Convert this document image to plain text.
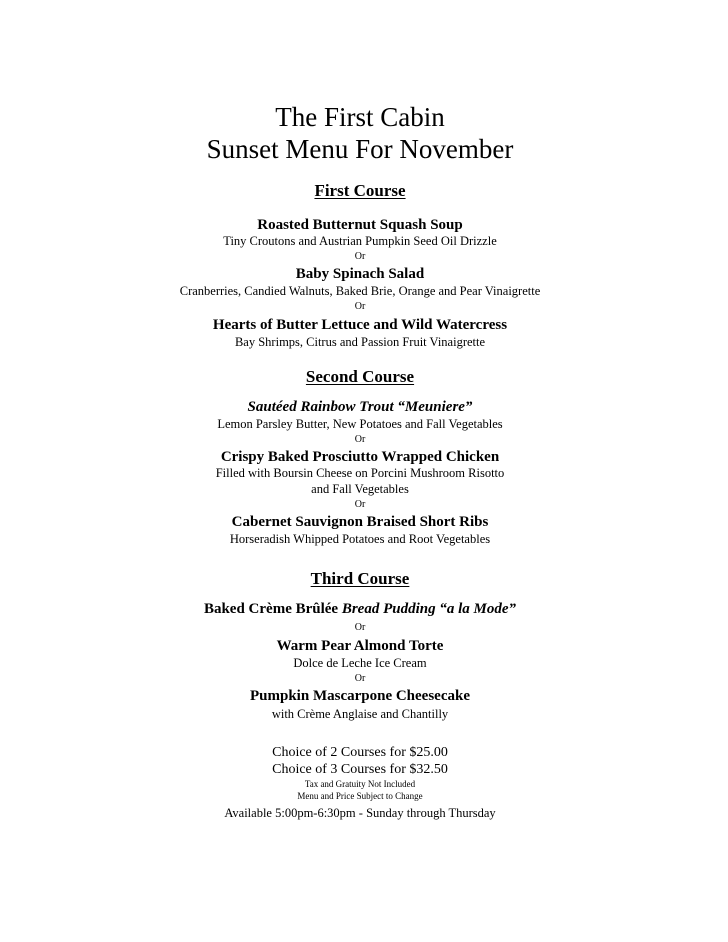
The First Cabin
Sunset Menu For November
First Course
Roasted Butternut Squash Soup
Tiny Croutons and Austrian Pumpkin Seed Oil Drizzle
Or
Baby Spinach Salad
Cranberries, Candied Walnuts, Baked Brie, Orange and Pear Vinaigrette
Or
Hearts of Butter Lettuce and Wild Watercress
Bay Shrimps, Citrus and Passion Fruit Vinaigrette
Second Course
Sautéed Rainbow Trout “Meuniere”
Lemon Parsley Butter, New Potatoes and Fall Vegetables
Or
Crispy Baked Prosciutto Wrapped Chicken
Filled with Boursin Cheese on Porcini Mushroom Risotto
and Fall Vegetables
Or
Cabernet Sauvignon Braised Short Ribs
Horseradish Whipped Potatoes and Root Vegetables
Third Course
Baked Crème Brûlée Bread Pudding “a la Mode”
Or
Warm Pear Almond Torte
Dolce de Leche Ice Cream
Or
Pumpkin Mascarpone Cheesecake
with Crème Anglaise and Chantilly
Choice of 2 Courses for $25.00
Choice of 3 Courses for $32.50
Tax and Gratuity Not Included
Menu and Price Subject to Change
Available 5:00pm-6:30pm - Sunday through Thursday
